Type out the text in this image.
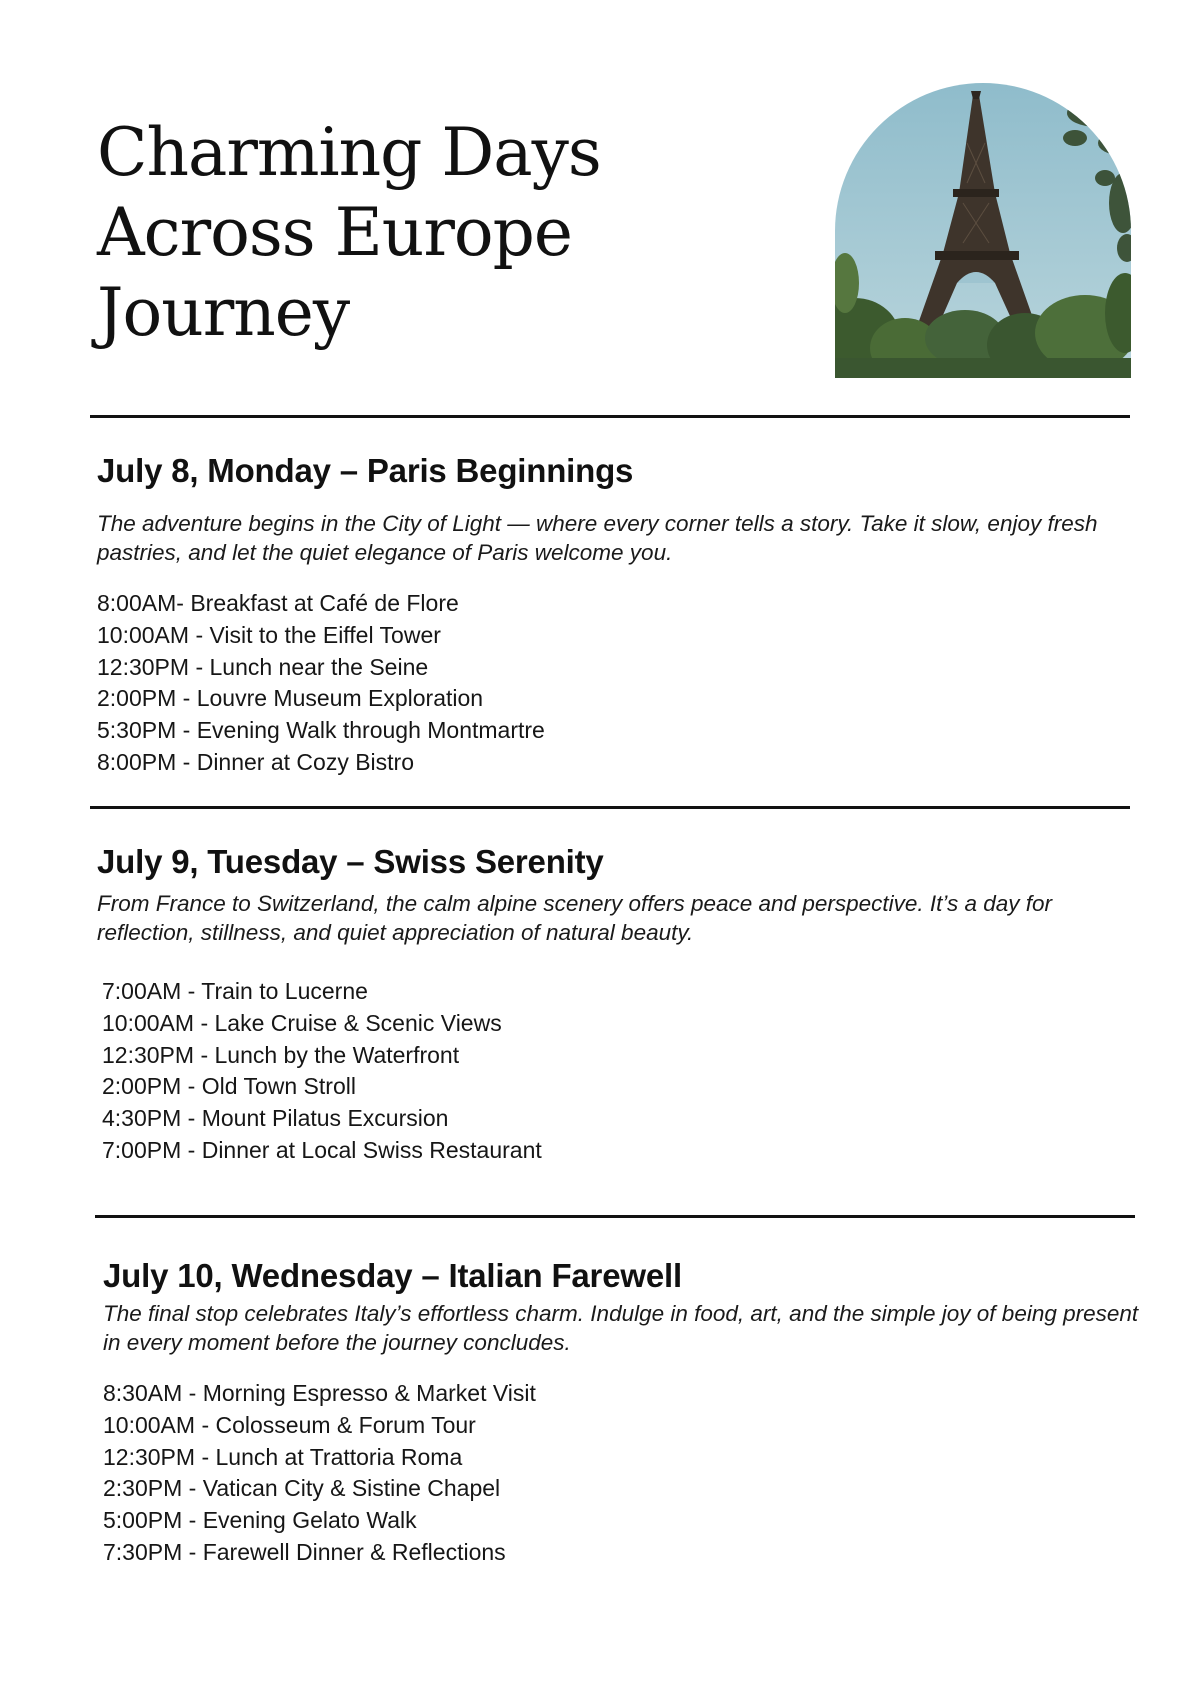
Charming Days
Across Europe
Journey
July 8, Monday – Paris Beginnings

The adventure begins in the City of Light — where every corner tells a story. Take it slow, enjoy fresh pastries, and let the quiet elegance of Paris welcome you.

8:00AM- Breakfast at Café de Flore
10:00AM - Visit to the Eiffel Tower
12:30PM - Lunch near the Seine
2:00PM - Louvre Museum Exploration
5:30PM - Evening Walk through Montmartre
8:00PM - Dinner at Cozy Bistro
July 9, Tuesday – Swiss Serenity

From France to Switzerland, the calm alpine scenery offers peace and perspective. It’s a day for reflection, stillness, and quiet appreciation of natural beauty.

7:00AM - Train to Lucerne
10:00AM - Lake Cruise & Scenic Views
12:30PM - Lunch by the Waterfront
2:00PM - Old Town Stroll
4:30PM - Mount Pilatus Excursion
7:00PM - Dinner at Local Swiss Restaurant
July 10, Wednesday – Italian Farewell

The final stop celebrates Italy’s effortless charm. Indulge in food, art, and the simple joy of being present in every moment before the journey concludes.

8:30AM - Morning Espresso & Market Visit
10:00AM - Colosseum & Forum Tour
12:30PM - Lunch at Trattoria Roma
2:30PM - Vatican City & Sistine Chapel
5:00PM - Evening Gelato Walk
7:30PM - Farewell Dinner & Reflections
